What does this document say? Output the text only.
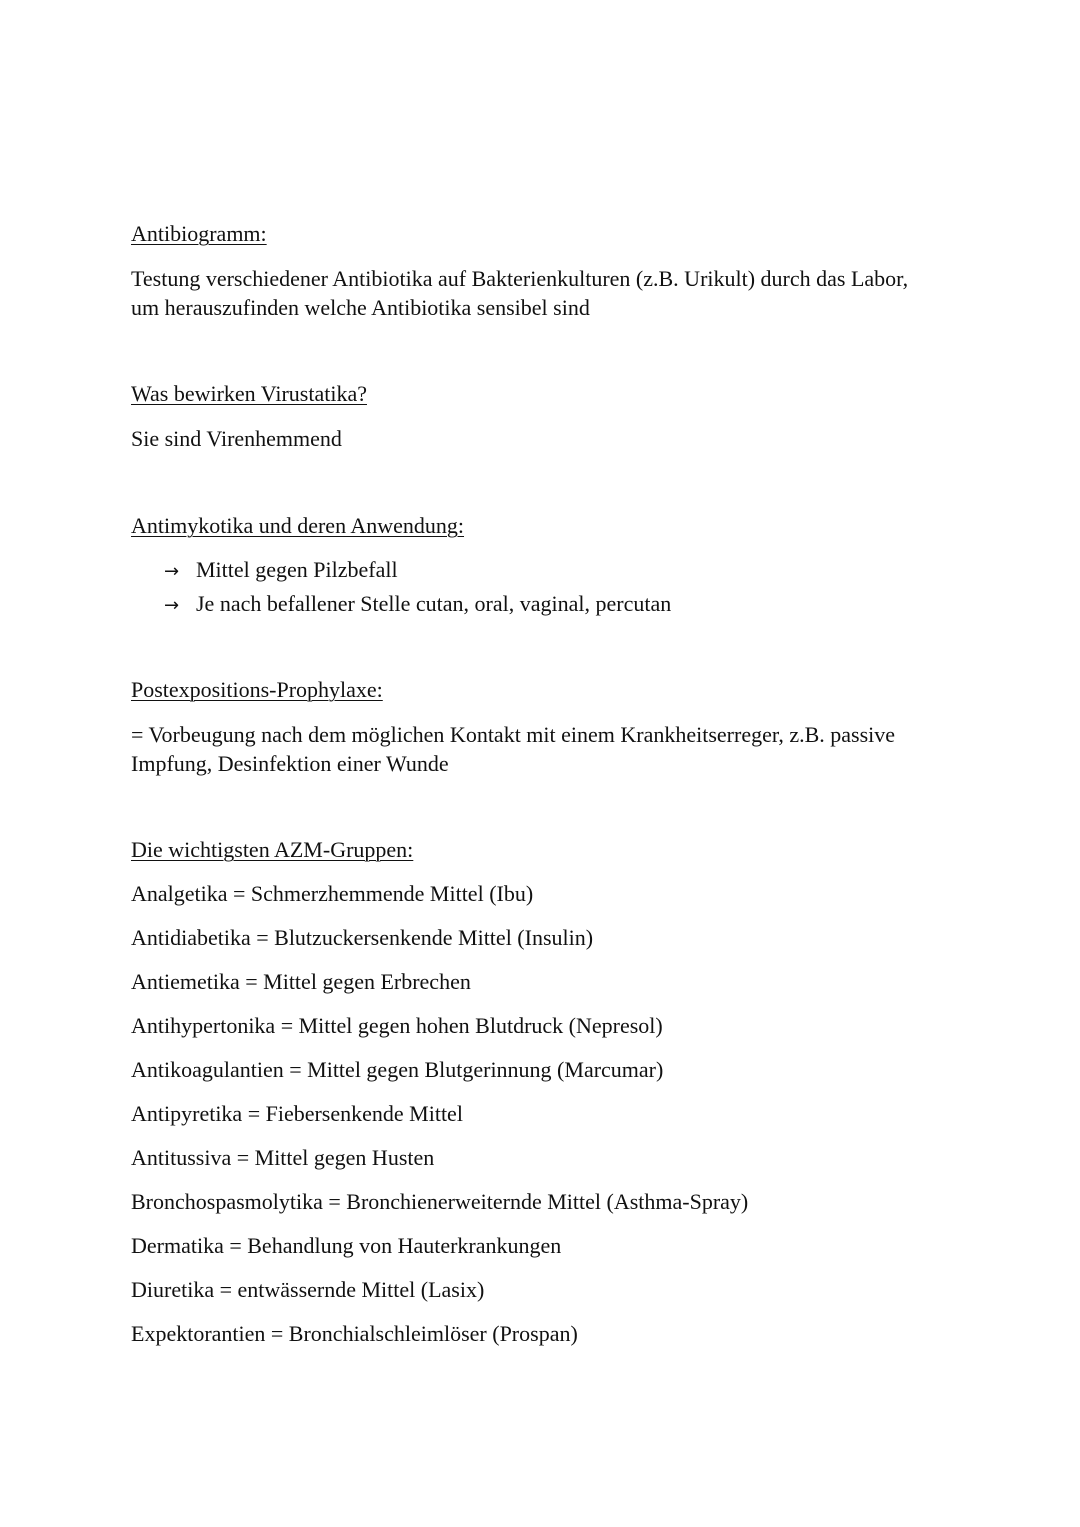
Antibiogramm:

Testung verschiedener Antibiotika auf Bakterienkulturen (z.B. Urikult) durch das Labor, um herauszufinden welche Antibiotika sensibel sind

Was bewirken Virustatika?

Sie sind Virenhemmend

Antimykotika und deren Anwendung:
→ Mittel gegen Pilzbefall
→ Je nach befallener Stelle cutan, oral, vaginal, percutan
Postexpositions-Prophylaxe:

= Vorbeugung nach dem möglichen Kontakt mit einem Krankheitserreger, z.B. passive Impfung, Desinfektion einer Wunde

Die wichtigsten AZM-Gruppen:
Analgetika = Schmerzhemmende Mittel (Ibu)
Antidiabetika = Blutzuckersenkende Mittel (Insulin)
Antiemetika = Mittel gegen Erbrechen
Antihypertonika = Mittel gegen hohen Blutdruck (Nepresol)
Antikoagulantien = Mittel gegen Blutgerinnung (Marcumar)
Antipyretika = Fiebersenkende Mittel
Antitussiva = Mittel gegen Husten
Bronchospasmolytika = Bronchienerweiternde Mittel (Asthma-Spray)
Dermatika = Behandlung von Hauterkrankungen
Diuretika = entwässernde Mittel (Lasix)
Expektorantien = Bronchialschleimlöser (Prospan)
